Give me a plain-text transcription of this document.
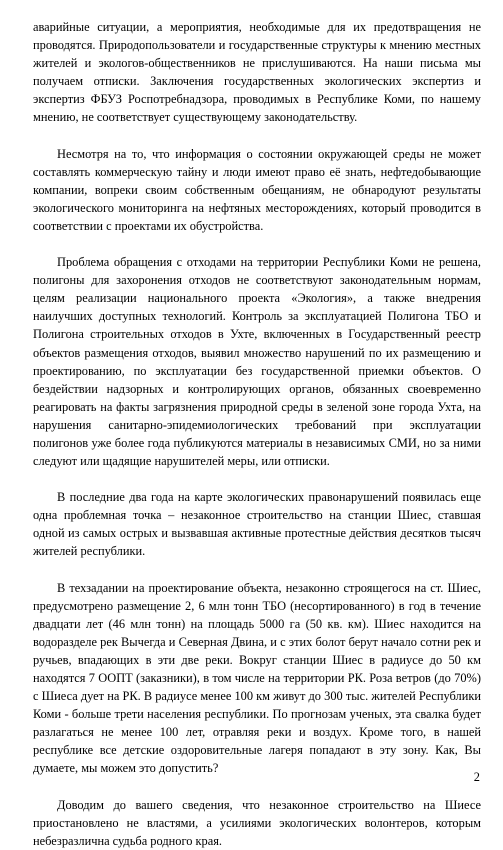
аварийные ситуации, а мероприятия, необходимые для их предотвращения не проводятся. Природопользователи и государственные структуры к мнению местных жителей и экологов-общественников не прислушиваются. На наши письма мы получаем отписки. Заключения государственных экологических экспертиз и экспертиз ФБУЗ Роспотребнадзора, проводимых в Республике Коми, по нашему мнению, не соответствует существующему законодательству.

Несмотря на то, что информация о состоянии окружающей среды не может составлять коммерческую тайну и люди имеют право её знать, нефтедобывающие компании, вопреки своим собственным обещаниям, не обнародуют результаты экологического мониторинга на нефтяных месторождениях, который проводится в соответствии с проектами их обустройства.

Проблема обращения с отходами на территории Республики Коми не решена, полигоны для захоронения отходов не соответствуют законодательным нормам, целям реализации национального проекта «Экология», а также внедрения наилучших доступных технологий. Контроль за эксплуатацией Полигона ТБО и Полигона строительных отходов в Ухте, включенных в Государственный реестр объектов размещения отходов, выявил множество нарушений по их размещению и проектированию, по эксплуатации без государственной приемки объектов. О бездействии надзорных и контролирующих органов, обязанных своевременно реагировать на факты загрязнения природной среды в зеленой зоне города Ухта, на нарушения санитарно-эпидемиологических требований при эксплуатации полигонов уже более года публикуются материалы в независимых СМИ, но за ними следуют или щадящие нарушителей меры, или отписки.

В последние два года на карте экологических правонарушений появилась еще одна проблемная точка – незаконное строительство на станции Шиес, ставшая одной из самых острых и вызвавшая активные протестные действия десятков тысяч жителей республики.

В техзадании на проектирование объекта, незаконно строящегося на ст. Шиес, предусмотрено размещение 2, 6 млн тонн ТБО (несортированного) в год в течение двадцати лет (46 млн тонн) на площадь 5000 га (50 кв. км). Шиес находится на водоразделе рек Вычегда и Северная Двина, и с этих болот берут начало сотни рек и ручьев, впадающих в эти две реки. Вокруг станции Шиес в радиусе до 50 км находятся 7 ООПТ (заказники), в том числе на территории РК. Роза ветров (до 70%) с Шиеса дует на РК. В радиусе менее 100 км живут до 300 тыс. жителей Республики Коми - больше трети населения республики. По прогнозам ученых, эта свалка будет разлагаться не менее 100 лет, отравляя реки и воздух. Кроме того, в нашей республике все детские оздоровительные лагеря попадают в эту зону. Как, Вы думаете, мы можем это допустить?

Доводим до вашего сведения, что незаконное строительство на Шиесе приостановлено не властями, а усилиями экологических волонтеров, которым небезразлична судьба родного края.

2
